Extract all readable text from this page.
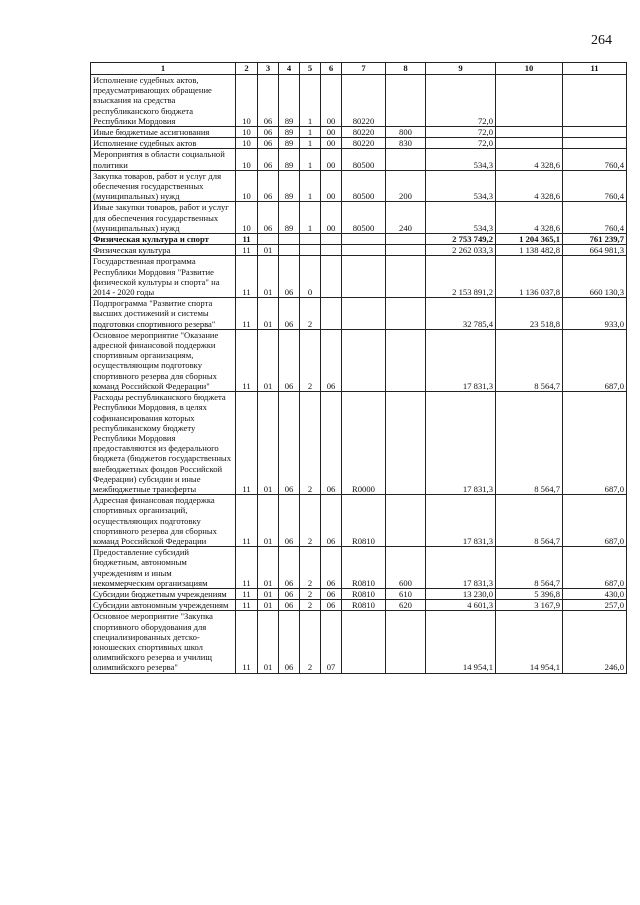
264
1	2	3	4	5	6	7	8	9	10	11
Исполнение судебных актов, предусматривающих обращение взыскания на средства республиканского бюджета Республики Мордовия	10	06	89	1	00	80220		72,0		
Иные бюджетные ассигнования	10	06	89	1	00	80220	800	72,0		
Исполнение судебных актов	10	06	89	1	00	80220	830	72,0		
Мероприятия в области социальной политики	10	06	89	1	00	80500		534,3	4 328,6	760,4
Закупка товаров, работ и услуг для обеспечения государственных (муниципальных) нужд	10	06	89	1	00	80500	200	534,3	4 328,6	760,4
Иные закупки товаров, работ и услуг для обеспечения государственных (муниципальных) нужд	10	06	89	1	00	80500	240	534,3	4 328,6	760,4
Физическая культура и спорт	11							2 753 749,2	1 204 365,1	761 239,7
Физическая культура	11	01						2 262 033,3	1 138 482,8	664 981,3
Государственная программа Республики Мордовия "Развитие физической культуры и спорта" на 2014 - 2020 годы	11	01	06	0				2 153 891,2	1 136 037,8	660 130,3
Подпрограмма "Развитие спорта высших достижений и системы подготовки спортивного резерва"	11	01	06	2				32 785,4	23 518,8	933,0
Основное мероприятие "Оказание адресной финансовой поддержки спортивным организациям, осуществляющим подготовку спортивного резерва для сборных команд Российской Федерации"	11	01	06	2	06			17 831,3	8 564,7	687,0
Расходы республиканского бюджета Республики Мордовия, в целях софинансирования которых республиканскому бюджету Республики Мордовия предоставляются из федерального бюджета (бюджетов государственных внебюджетных фондов Российской Федерации) субсидии и иные межбюджетные трансферты	11	01	06	2	06	R0000		17 831,3	8 564,7	687,0
Адресная финансовая поддержка спортивных организаций, осуществляющих подготовку спортивного резерва для сборных команд Российской Федерации	11	01	06	2	06	R0810		17 831,3	8 564,7	687,0
Предоставление субсидий бюджетным, автономным учреждениям и иным некоммерческим организациям	11	01	06	2	06	R0810	600	17 831,3	8 564,7	687,0
Субсидии бюджетным учреждениям	11	01	06	2	06	R0810	610	13 230,0	5 396,8	430,0
Субсидии автономным учреждениям	11	01	06	2	06	R0810	620	4 601,3	3 167,9	257,0
Основное мероприятие "Закупка спортивного оборудования для специализированных детско-юношеских спортивных школ олимпийского резерва и училищ олимпийского резерва"	11	01	06	2	07			14 954,1	14 954,1	246,0
